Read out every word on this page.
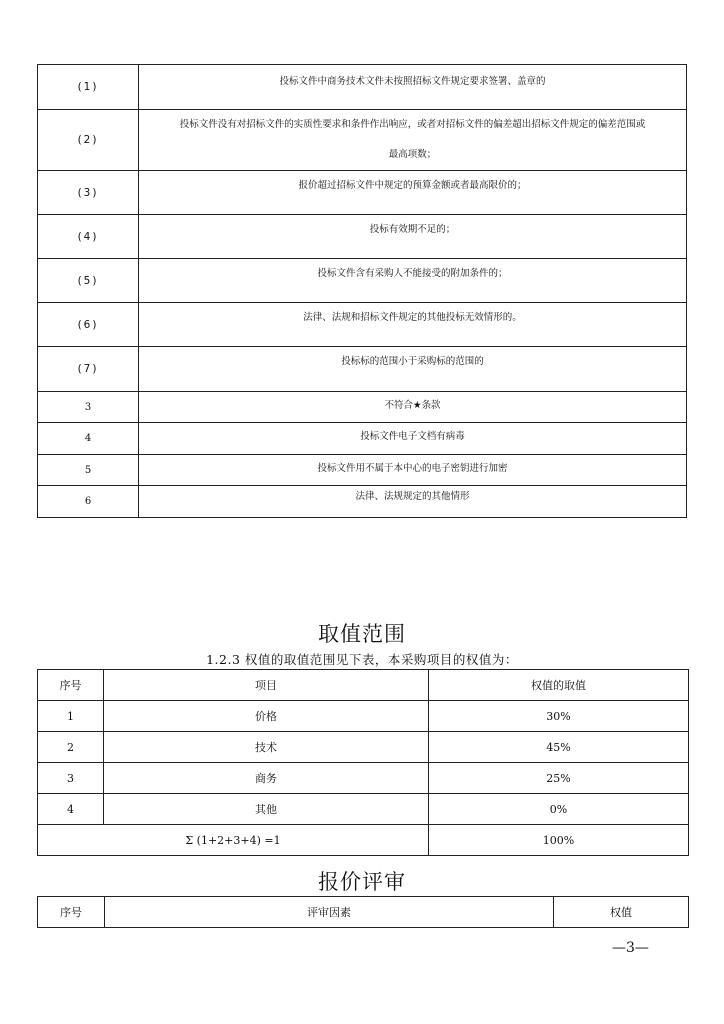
(1)	投标文件中商务技术文件未按照招标文件规定要求签署、盖章的
(2)	投标文件没有对招标文件的实质性要求和条件作出响应，或者对招标文件的偏差超出招标文件规定的偏差范围或
最高项数；

(3)	报价超过招标文件中规定的预算金额或者最高限价的；
(4)	投标有效期不足的；
(5)	投标文件含有采购人不能接受的附加条件的；
(6)	法律、法规和招标文件规定的其他投标无效情形的。
(7)	投标标的范围小于采购标的范围的
3	不符合★条款
4	投标文件电子文档有病毒
5	投标文件用不属于本中心的电子密钥进行加密
6	法律、法规规定的其他情形
取值范围
1.2.3 权值的取值范围见下表，本采购项目的权值为：
序号	项目	权值的取值
1	价格	30%
2	技术	45%
3	商务	25%
4	其他	0%
Σ (1+2+3+4) =1		100%
报价评审
序号	评审因素	权值
—3—
